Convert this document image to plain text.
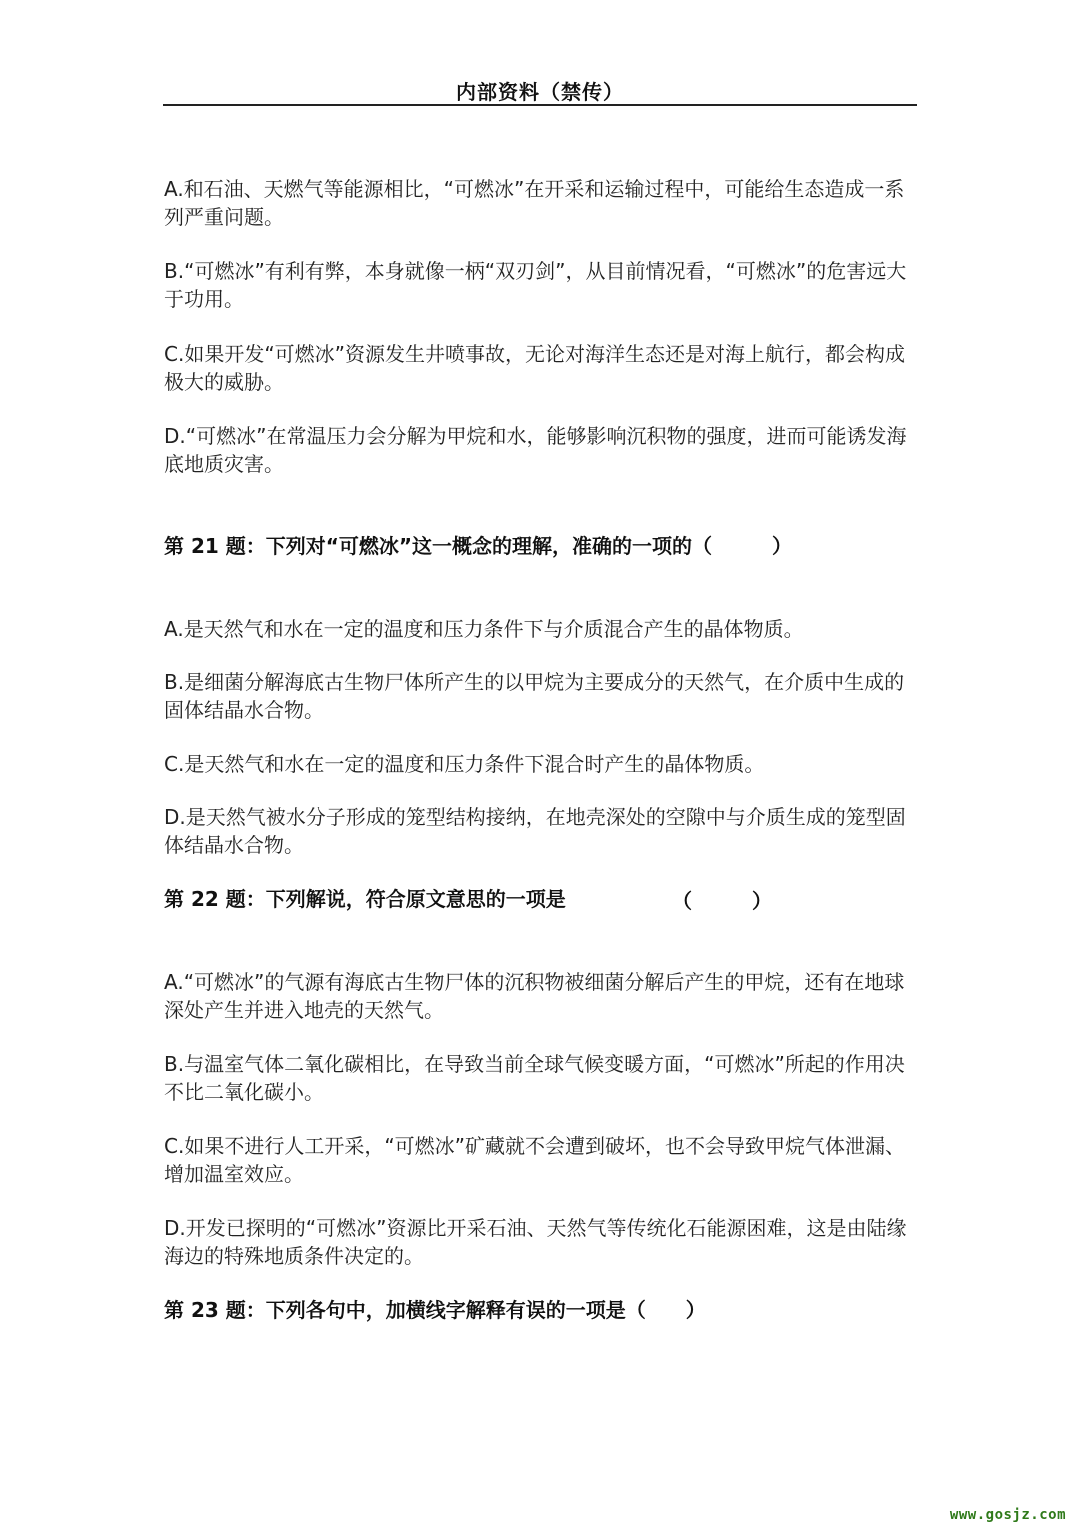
内部资料（禁传）
A.和石油、天燃气等能源相比，“可燃冰”在开采和运输过程中，可能给生态造成一系列严重问题。
B.“可燃冰”有利有弊，本身就像一柄“双刃剑”，从目前情况看，“可燃冰”的危害远大于功用。
C.如果开发“可燃冰”资源发生井喷事故，无论对海洋生态还是对海上航行，都会构成极大的威胁。
D.“可燃冰”在常温压力会分解为甲烷和水，能够影响沉积物的强度，进而可能诱发海底地质灾害。
第 21 题：下列对“可燃冰”这一概念的理解，准确的一项的（　　　）
A.是天然气和水在一定的温度和压力条件下与介质混合产生的晶体物质。
B.是细菌分解海底古生物尸体所产生的以甲烷为主要成分的天然气，在介质中生成的固体结晶水合物。
C.是天然气和水在一定的温度和压力条件下混合时产生的晶体物质。
D.是天然气被水分子形成的笼型结构接纳，在地壳深处的空隙中与介质生成的笼型固体结晶水合物。
第 22 题：下列解说，符合原文意思的一项是	（　　　）
A.“可燃冰”的气源有海底古生物尸体的沉积物被细菌分解后产生的甲烷，还有在地球深处产生并进入地壳的天然气。
B.与温室气体二氧化碳相比，在导致当前全球气候变暖方面，“可燃冰”所起的作用决不比二氧化碳小。
C.如果不进行人工开采，“可燃冰”矿藏就不会遭到破坏，也不会导致甲烷气体泄漏、增加温室效应。
D.开发已探明的“可燃冰”资源比开采石油、天然气等传统化石能源困难，这是由陆缘海边的特殊地质条件决定的。
第 23 题：下列各句中，加横线字解释有误的一项是（　　）
www.gosjz.com
